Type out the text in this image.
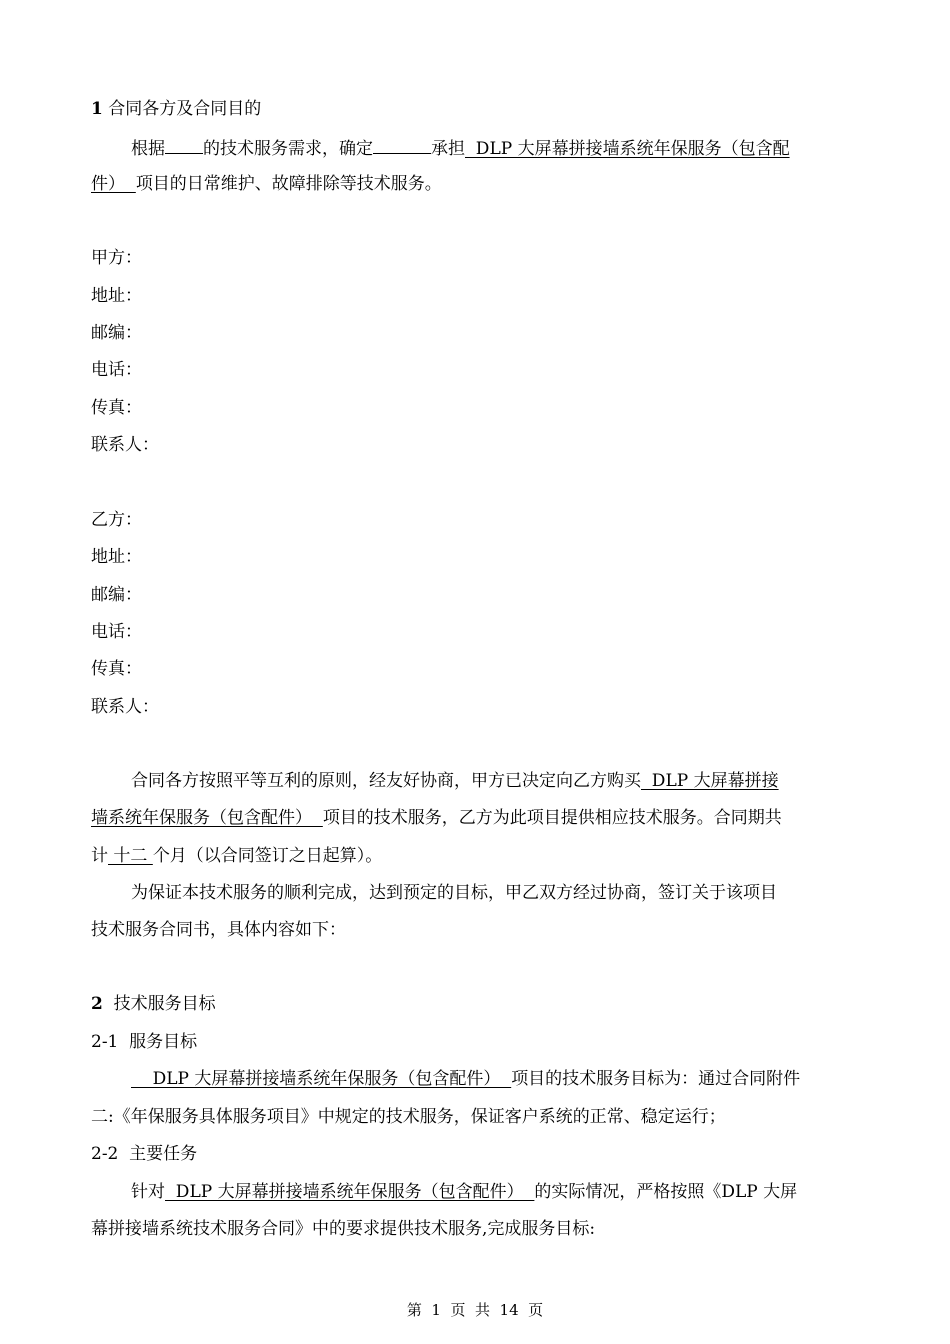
1 合同各方及合同目的
根据 的技术服务需求，确定	承担  DLP 大屏幕拼接墙系统年保服务（包含配
件）  项目的日常维护、故障排除等技术服务。
甲方：
地址：
邮编：
电话：
传真：
联系人：
乙方：
地址：
邮编：
电话：
传真：
联系人：
合同各方按照平等互利的原则，经友好协商，甲方已决定向乙方购买  DLP 大屏幕拼接
墙系统年保服务（包含配件）  项目的技术服务，乙方为此项目提供相应技术服务。合同期共
计 十二 个月（以合同签订之日起算）。
为保证本技术服务的顺利完成，达到预定的目标，甲乙双方经过协商，签订关于该项目
技术服务合同书，具体内容如下：
2  技术服务目标
2-1  服务目标
DLP 大屏幕拼接墙系统年保服务（包含配件）  项目的技术服务目标为：通过合同附件
二:《年保服务具体服务项目》中规定的技术服务，保证客户系统的正常、稳定运行；
2-2  主要任务
针对  DLP 大屏幕拼接墙系统年保服务（包含配件）  的实际情况，严格按照《DLP 大屏
幕拼接墙系统技术服务合同》中的要求提供技术服务,完成服务目标:
第  1  页  共  14  页
